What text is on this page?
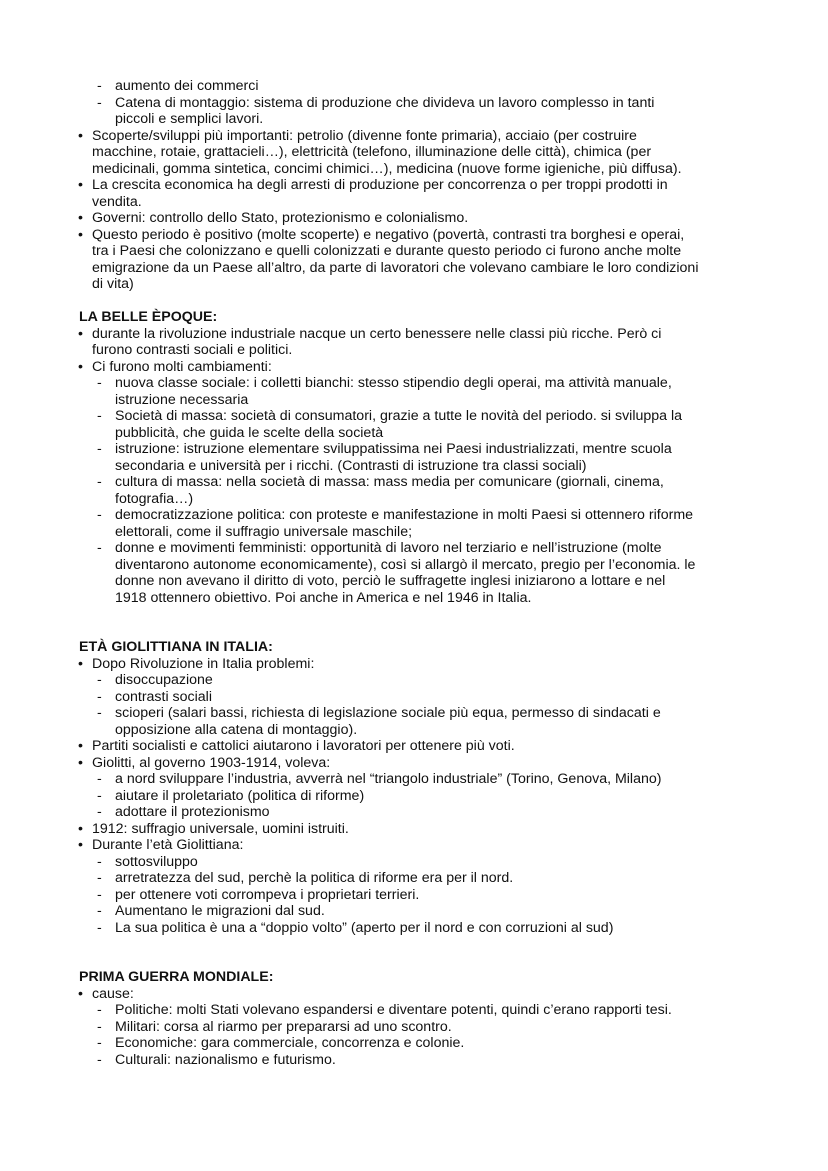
- aumento dei commerci
- Catena di montaggio: sistema di produzione che divideva un lavoro complesso in tanti
piccoli e semplici lavori.
• Scoperte/sviluppi più importanti: petrolio (divenne fonte primaria), acciaio (per costruire
macchine, rotaie, grattacieli…), elettricità (telefono, illuminazione delle città), chimica (per
medicinali, gomma sintetica, concimi chimici…), medicina (nuove forme igieniche, più diffusa).
• La crescita economica ha degli arresti di produzione per concorrenza o per troppi prodotti in
vendita.
• Governi: controllo dello Stato, protezionismo e colonialismo.
• Questo periodo è positivo (molte scoperte) e negativo (povertà, contrasti tra borghesi e operai,
tra i Paesi che colonizzano e quelli colonizzati e durante questo periodo ci furono anche molte
emigrazione da un Paese all’altro, da parte di lavoratori che volevano cambiare le loro condizioni
di vita)
LA BELLE ÈPOQUE:
• durante la rivoluzione industriale nacque un certo benessere nelle classi più ricche. Però ci
furono contrasti sociali e politici.
• Ci furono molti cambiamenti:
- nuova classe sociale: i colletti bianchi: stesso stipendio degli operai, ma attività manuale,
istruzione necessaria
- Società di massa: società di consumatori, grazie a tutte le novità del periodo. si sviluppa la
pubblicità, che guida le scelte della società
- istruzione: istruzione elementare sviluppatissima nei Paesi industrializzati, mentre scuola
secondaria e università per i ricchi. (Contrasti di istruzione tra classi sociali)
- cultura di massa: nella società di massa: mass media per comunicare (giornali, cinema,
fotografia…)
- democratizzazione politica: con proteste e manifestazione in molti Paesi si ottennero riforme
elettorali, come il suffragio universale maschile;
- donne e movimenti femministi: opportunità di lavoro nel terziario e nell’istruzione (molte
diventarono autonome economicamente), così si allargò il mercato, pregio per l’economia. le
donne non avevano il diritto di voto, perciò le suffragette inglesi iniziarono a lottare e nel
1918 ottennero obiettivo. Poi anche in America e nel 1946 in Italia.
ETÀ GIOLITTIANA IN ITALIA:
• Dopo Rivoluzione in Italia problemi:
- disoccupazione
- contrasti sociali
- scioperi (salari bassi, richiesta di legislazione sociale più equa, permesso di sindacati e
opposizione alla catena di montaggio).
• Partiti socialisti e cattolici aiutarono i lavoratori per ottenere più voti.
• Giolitti, al governo 1903-1914, voleva:
- a nord sviluppare l’industria, avverrà nel “triangolo industriale” (Torino, Genova, Milano)
- aiutare il proletariato (politica di riforme)
- adottare il protezionismo
• 1912: suffragio universale, uomini istruiti.
• Durante l’età Giolittiana:
- sottosviluppo
- arretratezza del sud, perchè la politica di riforme era per il nord.
- per ottenere voti corrompeva i proprietari terrieri.
- Aumentano le migrazioni dal sud.
- La sua politica è una a “doppio volto” (aperto per il nord e con corruzioni al sud)
PRIMA GUERRA MONDIALE:
• cause:
- Politiche: molti Stati volevano espandersi e diventare potenti, quindi c’erano rapporti tesi.
- Militari: corsa al riarmo per prepararsi ad uno scontro.
- Economiche: gara commerciale, concorrenza e colonie.
- Culturali: nazionalismo e futurismo.
